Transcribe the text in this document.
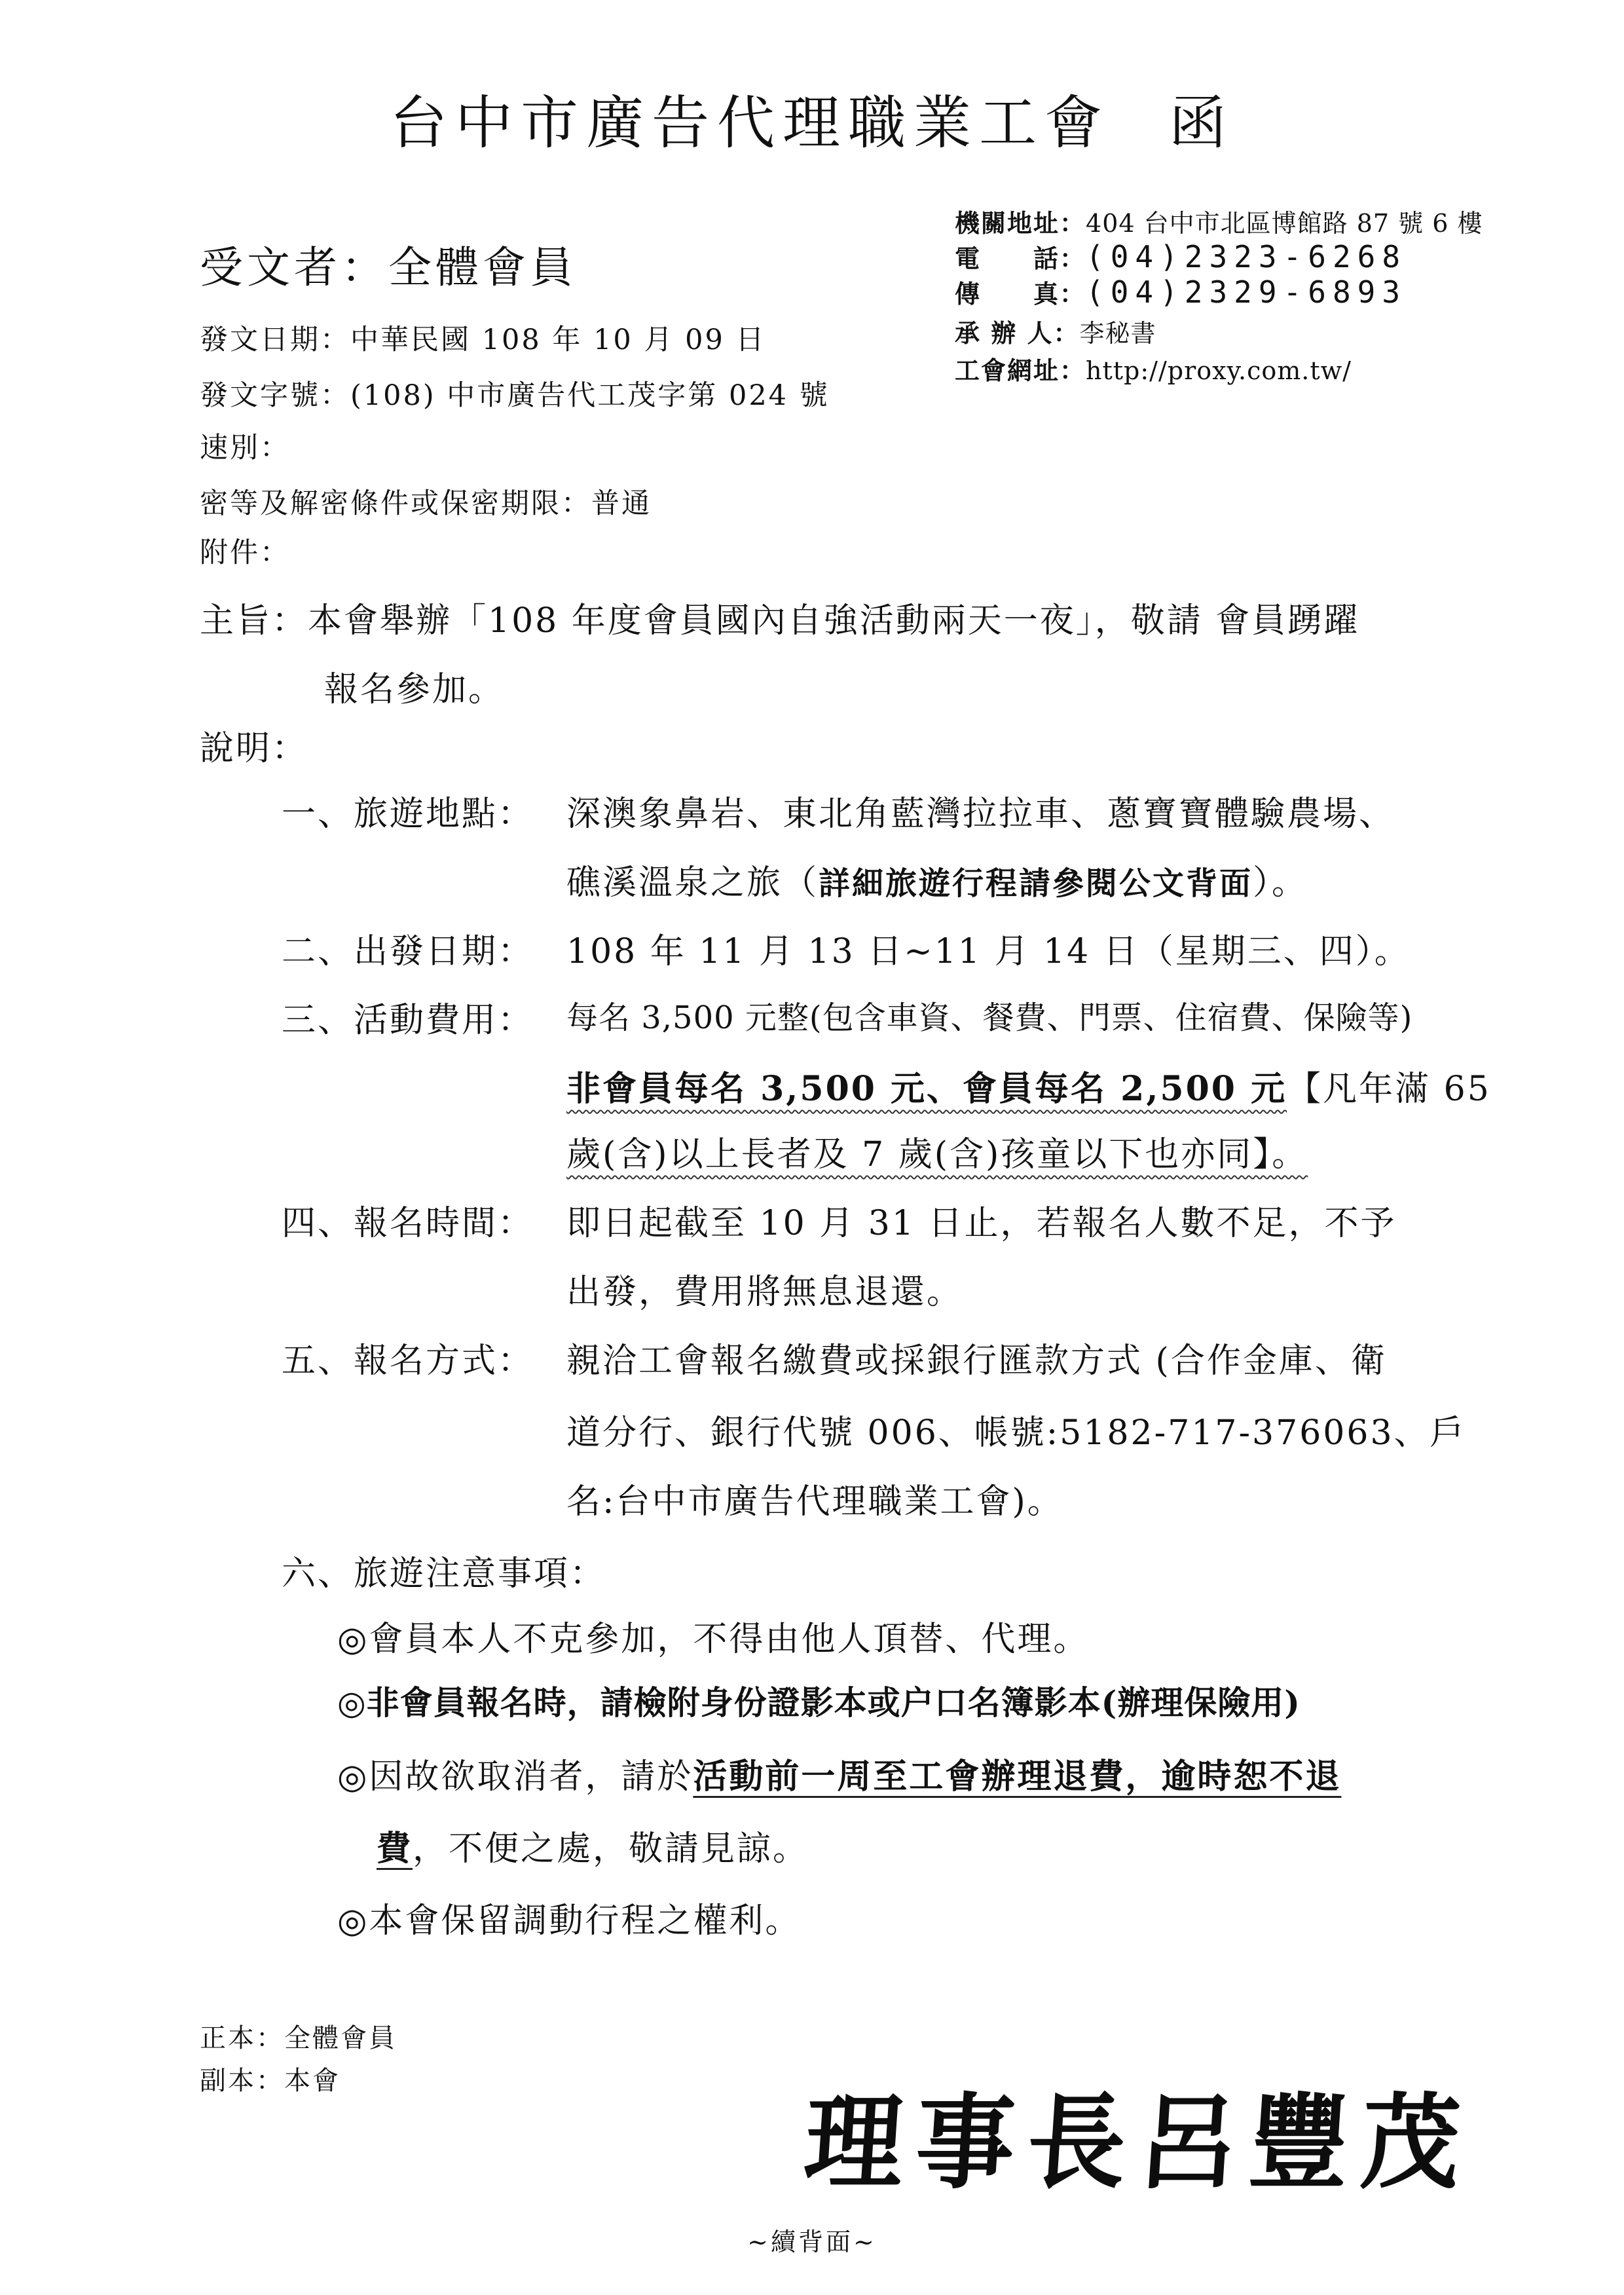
台中市廣告代理職業工會 函
機關地址：404 台中市北區博館路 87 號 6 樓
電　　話：(04)2323-6268
傳　　真：(04)2329-6893
承 辦 人：李秘書
工會網址：http://proxy.com.tw/
受文者：全體會員
發文日期：中華民國 108 年 10 月 09 日
發文字號：(108) 中市廣告代工茂字第 024 號
速別：
密等及解密條件或保密期限：普通
附件：
主旨：本會舉辦「108 年度會員國內自強活動兩天一夜」，敬請 會員踴躍
報名參加。
說明：
一、旅遊地點： 深澳象鼻岩、東北角藍灣拉拉車、蔥寶寶體驗農場、
礁溪溫泉之旅（詳細旅遊行程請參閱公文背面）。
二、出發日期： 108 年 11 月 13 日~11 月 14 日（星期三、四）。
三、活動費用： 每名 3,500 元整(包含車資、餐費、門票、住宿費、保險等)
非會員每名 3,500 元、會員每名 2,500 元【凡年滿 65
歲(含)以上長者及 7 歲(含)孩童以下也亦同】。
四、報名時間： 即日起截至 10 月 31 日止，若報名人數不足，不予
出發，費用將無息退還。
五、報名方式： 親洽工會報名繳費或採銀行匯款方式 (合作金庫、衛
道分行、銀行代號 006、帳號:5182-717-376063、戶
名:台中市廣告代理職業工會)。
六、旅遊注意事項：
◎會員本人不克參加，不得由他人頂替、代理。
◎非會員報名時，請檢附身份證影本或户口名簿影本(辦理保險用)
◎因故欲取消者，請於活動前一周至工會辦理退費，逾時恕不退
費，不便之處，敬請見諒。
◎本會保留調動行程之權利。
正本：全體會員
副本：本會
理事長呂豐茂
~續背面~
